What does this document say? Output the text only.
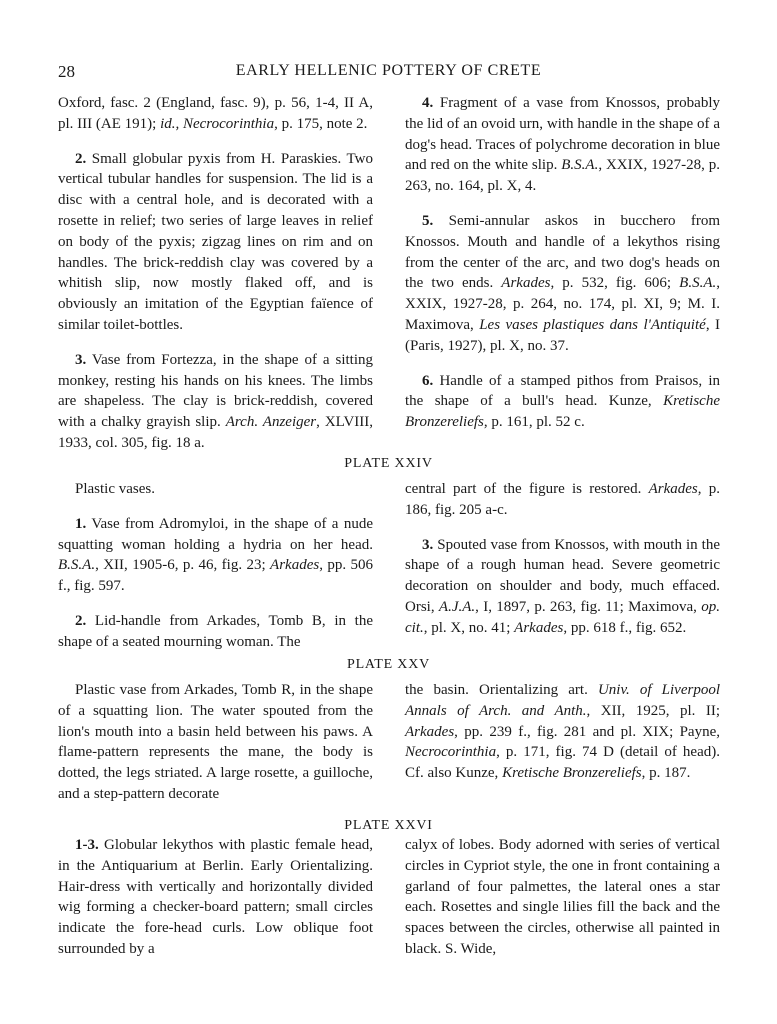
28	EARLY HELLENIC POTTERY OF CRETE

Oxford, fasc. 2 (England, fasc. 9), p. 56, 1-4, II A, pl. III (AE 191); id., Necrocorinthia, p. 175, note 2.

2. Small globular pyxis from H. Paraskies. Two vertical tubular handles for suspension. The lid is a disc with a central hole, and is decorated with a rosette in relief; two series of large leaves in relief on body of the pyxis; zigzag lines on rim and on handles. The brick-reddish clay was covered by a whitish slip, now mostly flaked off, and is obviously an imitation of the Egyptian faïence of similar toilet-bottles.

3. Vase from Fortezza, in the shape of a sitting monkey, resting his hands on his knees. The limbs are shapeless. The clay is brick-reddish, covered with a chalky grayish slip. Arch. Anzeiger, XLVIII, 1933, col. 305, fig. 18 a.

4. Fragment of a vase from Knossos, probably the lid of an ovoid urn, with handle in the shape of a dog's head. Traces of polychrome decoration in blue and red on the white slip. B.S.A., XXIX, 1927-28, p. 263, no. 164, pl. X, 4.

5. Semi-annular askos in bucchero from Knossos. Mouth and handle of a lekythos rising from the center of the arc, and two dog's heads on the two ends. Arkades, p. 532, fig. 606; B.S.A., XXIX, 1927-28, p. 264, no. 174, pl. XI, 9; M. I. Maximova, Les vases plastiques dans l'Antiquité, I (Paris, 1927), pl. X, no. 37.

6. Handle of a stamped pithos from Praisos, in the shape of a bull's head. Kunze, Kretische Bronzereliefs, p. 161, pl. 52 c.

PLATE XXIV

Plastic vases.

1. Vase from Adromyloi, in the shape of a nude squatting woman holding a hydria on her head. B.S.A., XII, 1905-6, p. 46, fig. 23; Arkades, pp. 506 f., fig. 597.

2. Lid-handle from Arkades, Tomb B, in the shape of a seated mourning woman. The

central part of the figure is restored. Arkades, p. 186, fig. 205 a-c.

3. Spouted vase from Knossos, with mouth in the shape of a rough human head. Severe geometric decoration on shoulder and body, much effaced. Orsi, A.J.A., I, 1897, p. 263, fig. 11; Maximova, op. cit., pl. X, no. 41; Arkades, pp. 618 f., fig. 652.

PLATE XXV

Plastic vase from Arkades, Tomb R, in the shape of a squatting lion. The water spouted from the lion's mouth into a basin held between his paws. A flame-pattern represents the mane, the body is dotted, the legs striated. A large rosette, a guilloche, and a step-pattern decorate

the basin. Orientalizing art. Univ. of Liverpool Annals of Arch. and Anth., XII, 1925, pl. II; Arkades, pp. 239 f., fig. 281 and pl. XIX; Payne, Necrocorinthia, p. 171, fig. 74 D (detail of head). Cf. also Kunze, Kretische Bronzereliefs, p. 187.

PLATE XXVI

1-3. Globular lekythos with plastic female head, in the Antiquarium at Berlin. Early Orientalizing. Hair-dress with vertically and horizontally divided wig forming a checker-board pattern; small circles indicate the fore-head curls. Low oblique foot surrounded by a

calyx of lobes. Body adorned with series of vertical circles in Cypriot style, the one in front containing a garland of four palmettes, the lateral ones a star each. Rosettes and single lilies fill the back and the spaces between the circles, otherwise all painted in black. S. Wide,
